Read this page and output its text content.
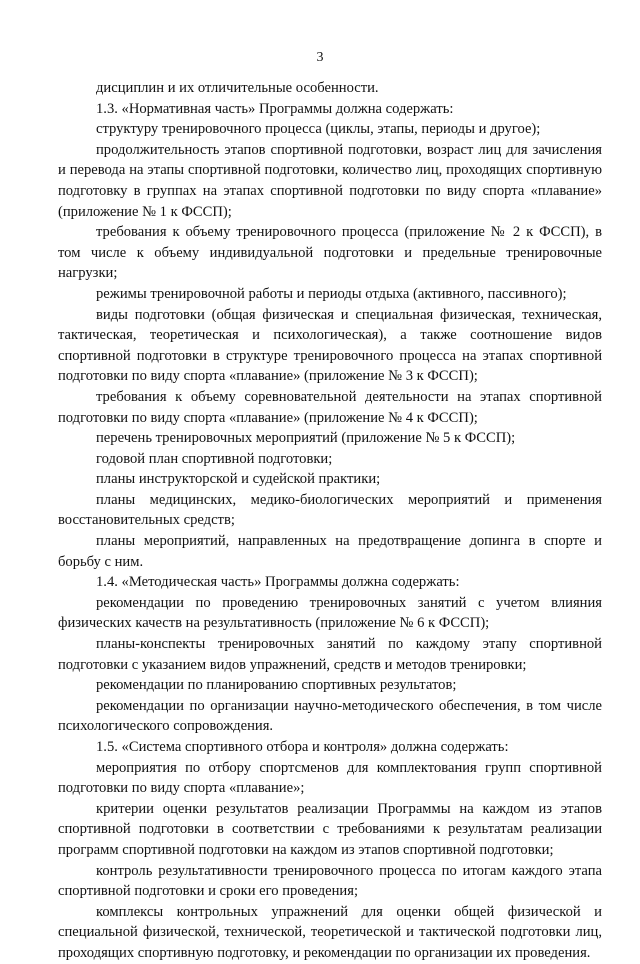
3

дисциплин и их отличительные особенности.

1.3. «Нормативная часть» Программы должна содержать:

структуру тренировочного процесса (циклы, этапы, периоды и другое);

продолжительность этапов спортивной подготовки, возраст лиц для зачисления и перевода на этапы спортивной подготовки, количество лиц, проходящих спортивную подготовку в группах на этапах спортивной подготовки по виду спорта «плавание» (приложение № 1 к ФССП);

требования к объему тренировочного процесса (приложение № 2 к ФССП), в том числе к объему индивидуальной подготовки и предельные тренировочные нагрузки;

режимы тренировочной работы и периоды отдыха (активного, пассивного);

виды подготовки (общая физическая и специальная физическая, техническая, тактическая, теоретическая и психологическая), а также соотношение видов спортивной подготовки в структуре тренировочного процесса на этапах спортивной подготовки по виду спорта «плавание» (приложение № 3 к ФССП);

требования к объему соревновательной деятельности на этапах спортивной подготовки по виду спорта «плавание» (приложение № 4 к ФССП);

перечень тренировочных мероприятий (приложение № 5 к ФССП);

годовой план спортивной подготовки;

планы инструкторской и судейской практики;

планы медицинских, медико-биологических мероприятий и применения восстановительных средств;

планы мероприятий, направленных на предотвращение допинга в спорте и борьбу с ним.

1.4. «Методическая часть» Программы должна содержать:

рекомендации по проведению тренировочных занятий с учетом влияния физических качеств на результативность (приложение № 6 к ФССП);

планы-конспекты тренировочных занятий по каждому этапу спортивной подготовки с указанием видов упражнений, средств и методов тренировки;

рекомендации по планированию спортивных результатов;

рекомендации по организации научно-методического обеспечения, в том числе психологического сопровождения.

1.5. «Система спортивного отбора и контроля» должна содержать:

мероприятия по отбору спортсменов для комплектования групп спортивной подготовки по виду спорта «плавание»;

критерии оценки результатов реализации Программы на каждом из этапов спортивной подготовки в соответствии с требованиями к результатам реализации программ спортивной подготовки на каждом из этапов спортивной подготовки;

контроль результативности тренировочного процесса по итогам каждого этапа спортивной подготовки и сроки его проведения;

комплексы контрольных упражнений для оценки общей физической и специальной физической, технической, теоретической и тактической подготовки лиц, проходящих спортивную подготовку, и рекомендации по организации их проведения.
